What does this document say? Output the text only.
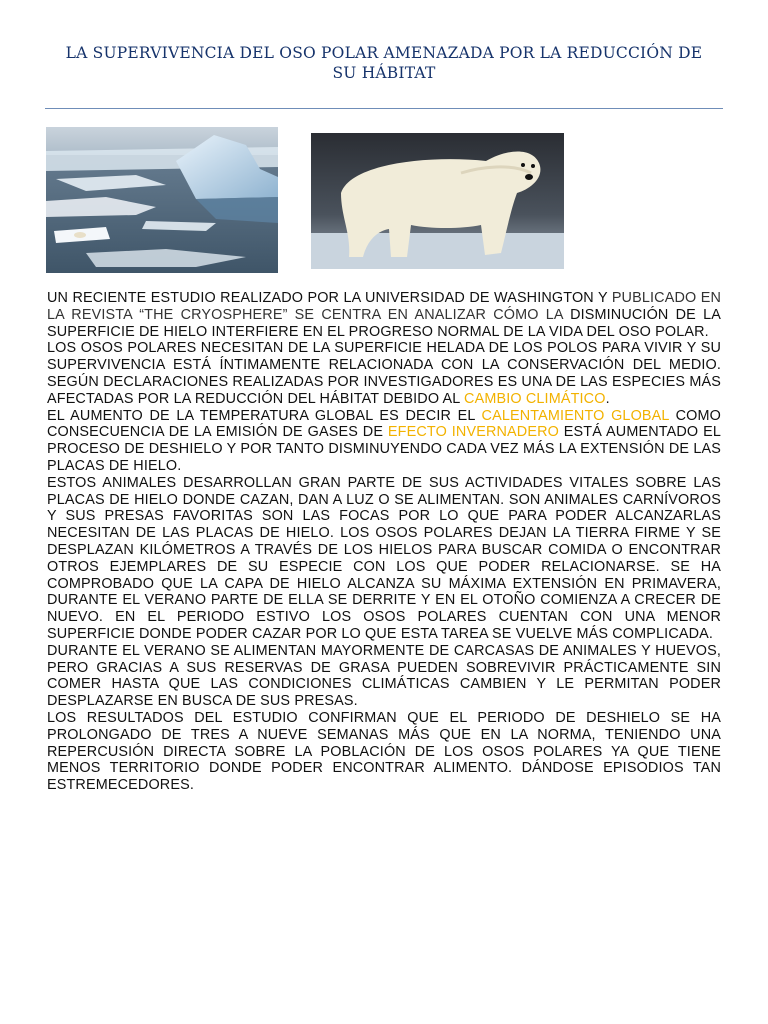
LA SUPERVIVENCIA DEL OSO POLAR AMENAZADA POR LA REDUCCIÓN DE SU HÁBITAT

UN RECIENTE ESTUDIO REALIZADO POR LA UNIVERSIDAD DE WASHINGTON Y PUBLICADO EN LA REVISTA “THE CRYOSPHERE” SE CENTRA EN ANALIZAR CÓMO LA DISMINUCIÓN DE LA SUPERFICIE DE HIELO INTERFIERE EN EL PROGRESO NORMAL DE LA VIDA DEL OSO POLAR.

LOS OSOS POLARES NECESITAN DE LA SUPERFICIE HELADA DE LOS POLOS PARA VIVIR Y SU SUPERVIVENCIA ESTÁ ÍNTIMAMENTE RELACIONADA CON LA CONSERVACIÓN DEL MEDIO. SEGÚN DECLARACIONES REALIZADAS POR INVESTIGADORES ES UNA DE LAS ESPECIES MÁS AFECTADAS POR LA REDUCCIÓN DEL HÁBITAT DEBIDO AL CAMBIO CLIMÁTICO.

EL AUMENTO DE LA TEMPERATURA GLOBAL ES DECIR EL CALENTAMIENTO GLOBAL COMO CONSECUENCIA DE LA EMISIÓN DE GASES DE EFECTO INVERNADERO ESTÁ AUMENTADO EL PROCESO DE DESHIELO Y POR TANTO DISMINUYENDO CADA VEZ MÁS LA EXTENSIÓN DE LAS PLACAS DE HIELO.

ESTOS ANIMALES DESARROLLAN GRAN PARTE DE SUS ACTIVIDADES VITALES SOBRE LAS PLACAS DE HIELO DONDE CAZAN, DAN A LUZ O SE ALIMENTAN. SON ANIMALES CARNÍVOROS Y SUS PRESAS FAVORITAS SON LAS FOCAS POR LO QUE PARA PODER ALCANZARLAS NECESITAN DE LAS PLACAS DE HIELO. LOS OSOS POLARES DEJAN LA TIERRA FIRME Y SE DESPLAZAN KILÓMETROS A TRAVÉS DE LOS HIELOS PARA BUSCAR COMIDA O ENCONTRAR OTROS EJEMPLARES DE SU ESPECIE CON LOS QUE PODER RELACIONARSE. SE HA COMPROBADO QUE LA CAPA DE HIELO ALCANZA SU MÁXIMA EXTENSIÓN EN PRIMAVERA, DURANTE EL VERANO PARTE DE ELLA SE DERRITE Y EN EL OTOÑO COMIENZA A CRECER DE NUEVO. EN EL PERIODO ESTIVO LOS OSOS POLARES CUENTAN CON UNA MENOR SUPERFICIE DONDE PODER CAZAR POR LO QUE ESTA TAREA SE VUELVE MÁS COMPLICADA.

DURANTE EL VERANO SE ALIMENTAN MAYORMENTE DE CARCASAS DE ANIMALES Y HUEVOS, PERO GRACIAS A SUS RESERVAS DE GRASA PUEDEN SOBREVIVIR PRÁCTICAMENTE SIN COMER HASTA QUE LAS CONDICIONES CLIMÁTICAS CAMBIEN Y LE PERMITAN PODER DESPLAZARSE EN BUSCA DE SUS PRESAS.

LOS RESULTADOS DEL ESTUDIO CONFIRMAN QUE EL PERIODO DE DESHIELO SE HA PROLONGADO DE TRES A NUEVE SEMANAS MÁS QUE EN LA NORMA, TENIENDO UNA REPERCUSIÓN DIRECTA SOBRE LA POBLACIÓN DE LOS OSOS POLARES YA QUE TIENE MENOS TERRITORIO DONDE PODER ENCONTRAR ALIMENTO. DÁNDOSE EPISODIOS TAN ESTREMECEDORES.
